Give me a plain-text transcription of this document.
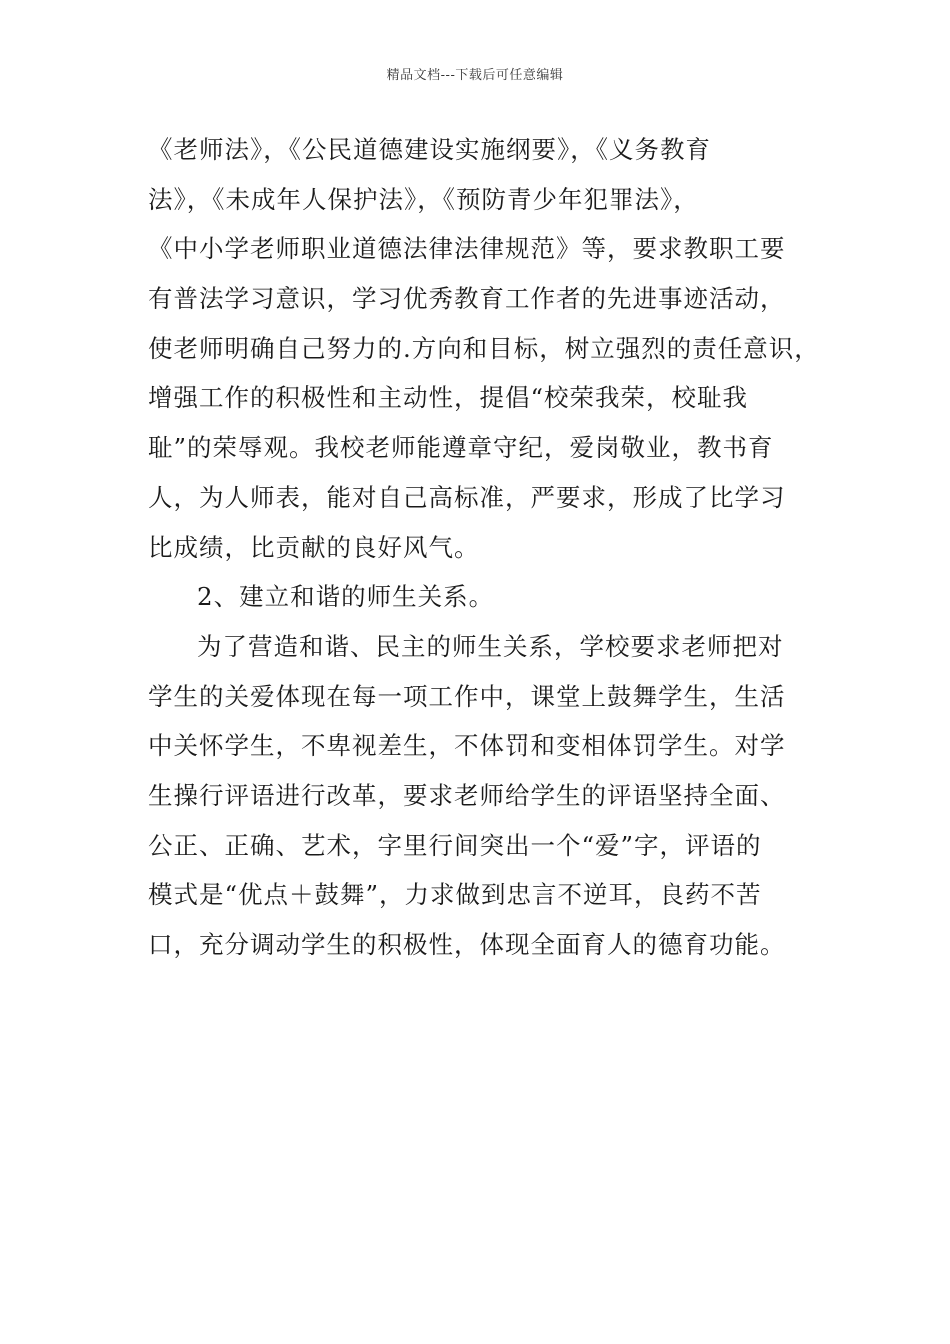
精品文档---下载后可任意编辑
《老师法》，《公民道德建设实施纲要》，《义务教育
法》，《未成年人保护法》，《预防青少年犯罪法》，
《中小学老师职业道德法律法律规范》等，要求教职工要
有普法学习意识，学习优秀教育工作者的先进事迹活动，
使老师明确自己努力的.方向和目标，树立强烈的责任意识，
增强工作的积极性和主动性，提倡“校荣我荣，校耻我
耻”的荣辱观。我校老师能遵章守纪，爱岗敬业，教书育
人，为人师表，能对自己高标准，严要求，形成了比学习
比成绩，比贡献的良好风气。
2、建立和谐的师生关系。
为了营造和谐、民主的师生关系，学校要求老师把对
学生的关爱体现在每一项工作中，课堂上鼓舞学生，生活
中关怀学生，不卑视差生，不体罚和变相体罚学生。对学
生操行评语进行改革，要求老师给学生的评语坚持全面、
公正、正确、艺术，字里行间突出一个“爱”字，评语的
模式是“优点＋鼓舞”，力求做到忠言不逆耳，良药不苦
口，充分调动学生的积极性，体现全面育人的德育功能。
